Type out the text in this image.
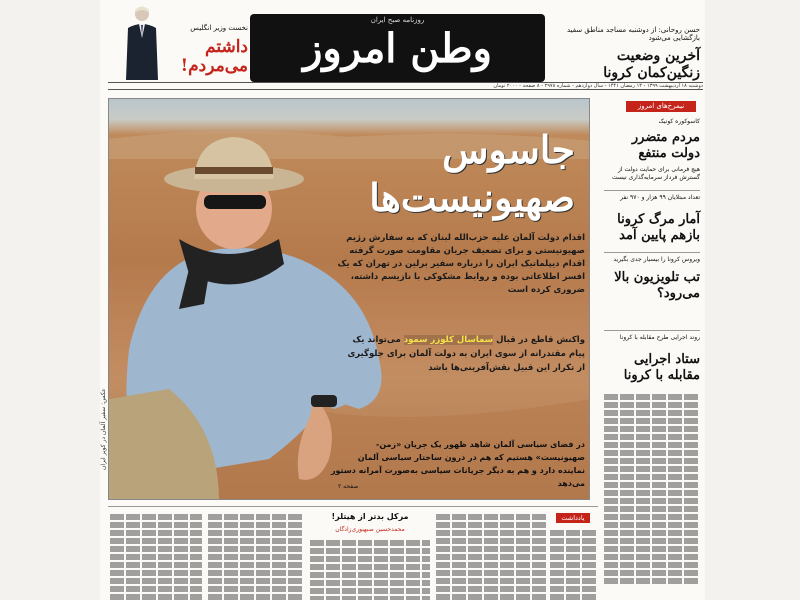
نخست وزیر انگلیس
داشتم
می‌مردم!
روزنامه صبح ایران
وطن امروز	حسن روحانی: از دوشنبه مساجد مناطق سفید بازگشایی می‌شود
آخرین وضعیت
زنگین‌کمان کرونا
دوشنبه ۱۸ اردیبهشت ۱۳۹۹ - ۱۳ رمضان ۱۴۴۱ - سال دوازدهم - شماره ۲۹۷۸ - ۸ صفحه - ۲۰۰۰ تومان
جاسوس
صهیونیست‌ها
اقدام دولت آلمان علیه حزب‌الله لبنان که به سفارش رژیم صهیونیستی و برای تضعیف جریان مقاومت صورت گرفته اقدام دیپلماتیک ایران را درباره سفیر برلین در تهران که یک افسر اطلاعاتی بوده و روابط مشکوکی با نازیسم داشته، ضروری کرده است
واکنش قاطع در قبال سماسال کلوزر سمود می‌تواند یک پیام مقتدرانه از سوی ایران به دولت آلمان برای جلوگیری از تکرار این قبیل نقش‌آفرینی‌ها باشد
در فضای سیاسی آلمان شاهد ظهور یک جریان «زمن- صهیونیست» هستیم که هم در درون ساختار سیاسی آلمان نماینده دارد و هم به دیگر جریانات سیاسی به‌صورت آمرانه دستور می‌دهد
صفحه ۲
عکس: سفیر آلمان در کویر ایران
نیمرخ‌های امروز
کاسوکوره کونیک
مردم متضرر دولت منتفع
هیچ فرمانی برای حمایت دولت از گسترش فرداز سرمایه‌گذاری نیست
تعداد مبتلایان ۹۹ هزار و ۹۷۰ نفر
آمار مرگ کرونا بازهم پایین آمد
ویروس کرونا را بیسیار جدی بگیرید
تب تلویزیون بالا می‌رود؟
روند اجرایی طرح مقابله با کرونا
ستاد اجرایی مقابله با کرونا
یادداشت
مرکل بدتر از هیتلر!
محمدحسین صبهبوری‌زادگان
